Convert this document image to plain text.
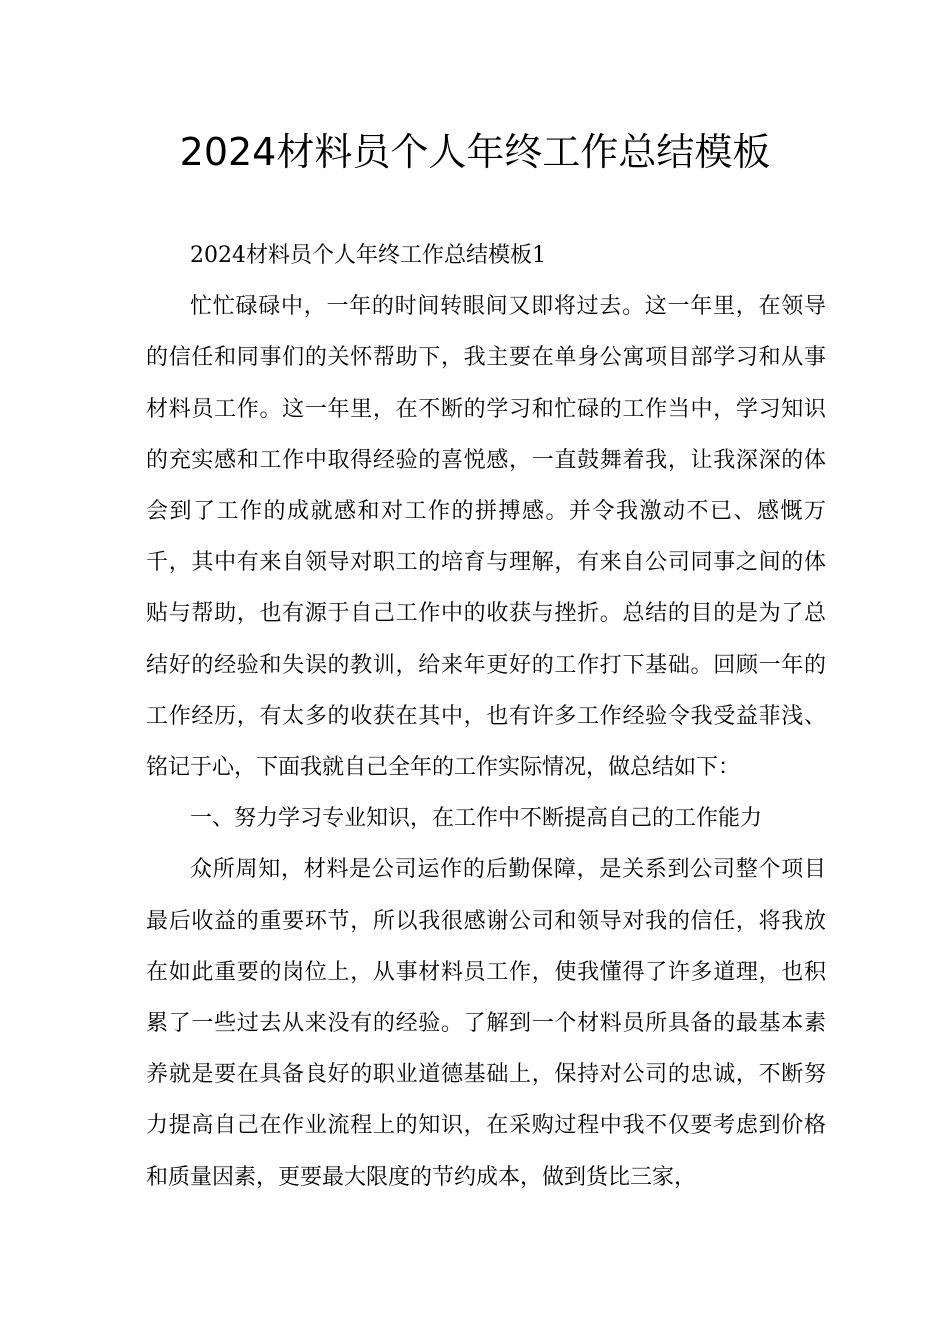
2024材料员个人年终工作总结模板

2024材料员个人年终工作总结模板1

忙忙碌碌中，一年的时间转眼间又即将过去。这一年里，在领导的信任和同事们的关怀帮助下，我主要在单身公寓项目部学习和从事材料员工作。这一年里，在不断的学习和忙碌的工作当中，学习知识的充实感和工作中取得经验的喜悦感，一直鼓舞着我，让我深深的体会到了工作的成就感和对工作的拼搏感。并令我激动不已、感慨万千，其中有来自领导对职工的培育与理解，有来自公司同事之间的体贴与帮助，也有源于自己工作中的收获与挫折。总结的目的是为了总结好的经验和失误的教训，给来年更好的工作打下基础。回顾一年的工作经历，有太多的收获在其中，也有许多工作经验令我受益菲浅、铭记于心，下面我就自己全年的工作实际情况，做总结如下：

一、努力学习专业知识，在工作中不断提高自己的工作能力

众所周知，材料是公司运作的后勤保障，是关系到公司整个项目最后收益的重要环节，所以我很感谢公司和领导对我的信任，将我放在如此重要的岗位上，从事材料员工作，使我懂得了许多道理，也积累了一些过去从来没有的经验。了解到一个材料员所具备的最基本素养就是要在具备良好的职业道德基础上，保持对公司的忠诚，不断努力提高自己在作业流程上的知识，在采购过程中我不仅要考虑到价格和质量因素，更要最大限度的节约成本，做到货比三家，
